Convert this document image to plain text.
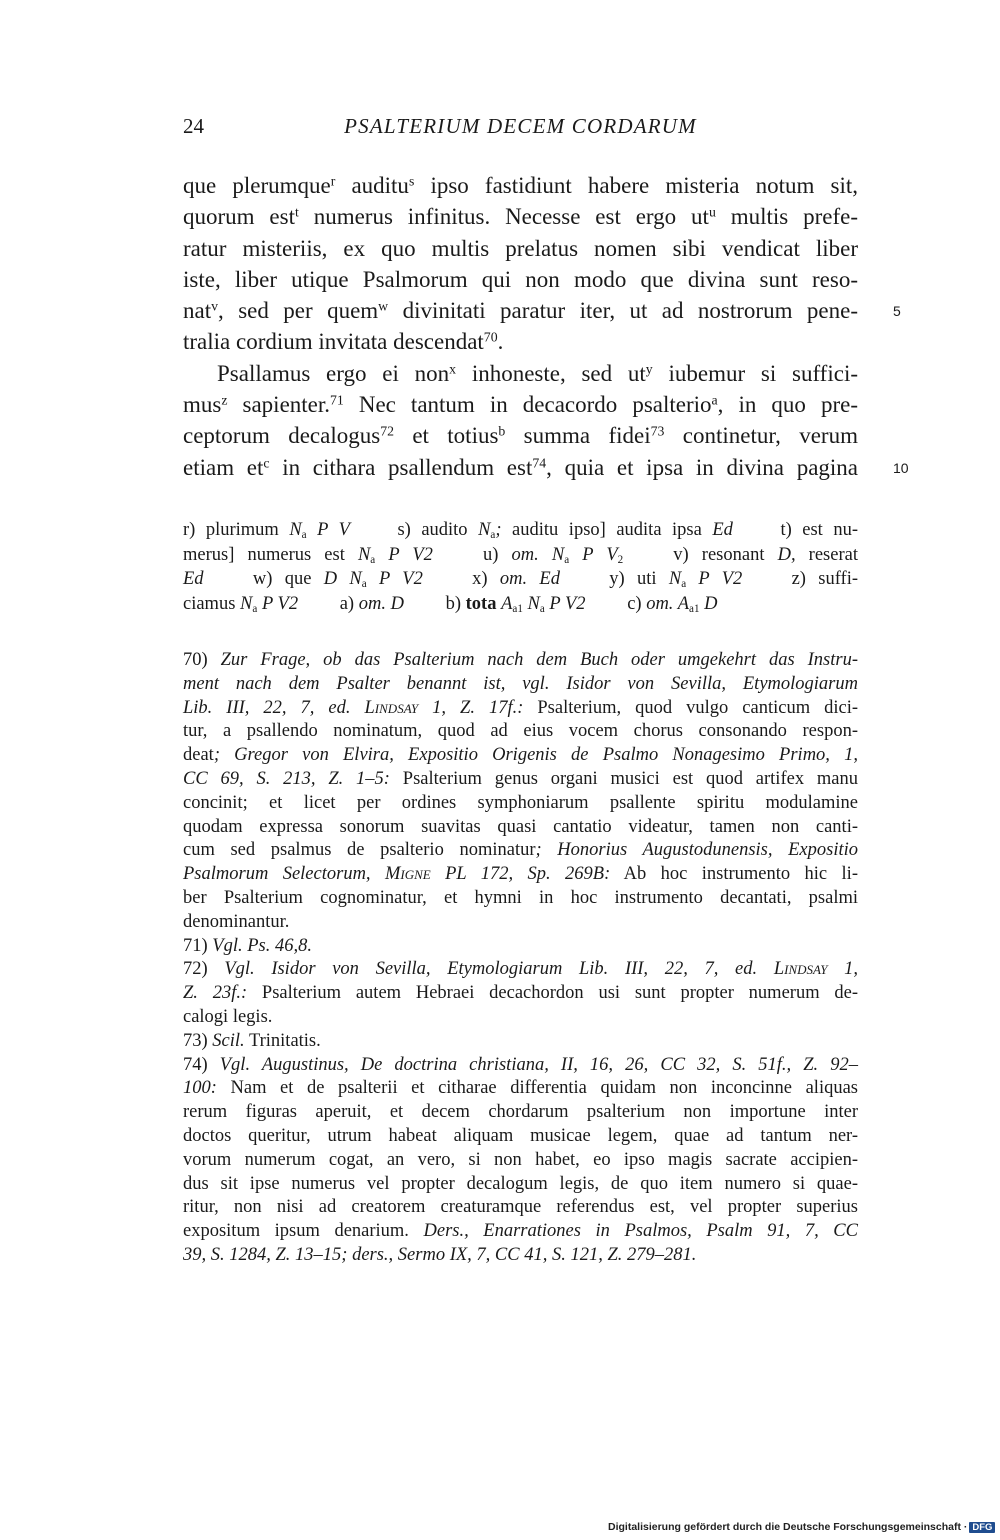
24	PSALTERIUM DECEM CORDARUM
que plerumque$^r$ auditu$^s$ ipso fastidiunt habere misteria notum sit,
quorum est$^t$ numerus infinitus. Necesse est ergo $ut^u$ multis prefe-
ratur misteriis, ex quo multis prelatus nomen sibi vendicat liber
iste, liber utique Psalmorum qui non modo que divina sunt reso-
nat$^v$, sed per quem$^w$ divinitati paratur iter, ut ad nostrorum pene-
tralia cordium invitata descendat$^{70}$.
Psallamus ergo ei non$^x$ inhoneste, sed $ut^y$ iubemur si suffici-
mus$^z$ sapienter.$^{71}$ Nec tantum in decacordo psalterio$^a$, in quo pre-
ceptorum decalogus$^{72}$ et totius$^b$ summa fidei$^{73}$ continetur, verum
etiam $et^c$ in cithara psallendum est$^{74}$, quia et ipsa in divina pagina
5
10
r) plurimum $N_a$ P V   s) audito $N_a$; auditu ipso] audita ipsa Ed   t) est nu-
merus] numerus est $N_a$ P V2   u) om. $N_a$ P $V_2$   v) resonant D, reserat
Ed   w) que D $N_a$ P V2   x) om. Ed   y) uti $N_a$ P V2   z) suffi-
ciamus $N_a$ P V2   a) om. D   b) tota $A_{a1}$ $N_a$ P V2   c) om. $A_{a1}$ D
70) Zur Frage, ob das Psalterium nach dem Buch oder umgekehrt das Instru-
ment nach dem Psalter benannt ist, vgl. Isidor von Sevilla, Etymologiarum
Lib. III, 22, 7, ed. Lindsay 1, Z. 17f.: Psalterium, quod vulgo canticum dici-
tur, a psallendo nominatum, quod ad eius vocem chorus consonando respon-
deat; Gregor von Elvira, Expositio Origenis de Psalmo Nonagesimo Primo, 1,
CC 69, S. 213, Z. 1–5: Psalterium genus organi musici est quod artifex manu
concinit; et licet per ordines symphoniarum psallente spiritu modulamine
quodam expressa sonorum suavitas quasi cantatio videatur, tamen non canti-
cum sed psalmus de psalterio nominatur; Honorius Augustodunensis, Expositio
Psalmorum Selectorum, Migne PL 172, Sp. 269B: Ab hoc instrumento hic li-
ber Psalterium cognominatur, et hymni in hoc instrumento decantati, psalmi
denominantur.
71) Vgl. Ps. 46,8.
72) Vgl. Isidor von Sevilla, Etymologiarum Lib. III, 22, 7, ed. Lindsay 1,
Z. 23f.: Psalterium autem Hebraei decachordon usi sunt propter numerum de-
calogi legis.
73) Scil. Trinitatis.
74) Vgl. Augustinus, De doctrina christiana, II, 16, 26, CC 32, S. 51f., Z. 92–
100: Nam et de psalterii et citharae differentia quidam non inconcinne aliquas
rerum figuras aperuit, et decem chordarum psalterium non importune inter
doctos queritur, utrum habeat aliquam musicae legem, quae ad tantum ner-
vorum numerum cogat, an vero, si non habet, eo ipso magis sacrate accipien-
dus sit ipse numerus vel propter decalogum legis, de quo item numero si quae-
ritur, non nisi ad creatorem creaturamque referendus est, vel propter superius
expositum ipsum denarium. Ders., Enarrationes in Psalmos, Psalm 91, 7, CC
39, S. 1284, Z. 13–15; ders., Sermo IX, 7, CC 41, S. 121, Z. 279–281.
Digitalisierung gefördert durch die Deutsche Forschungsgemeinschaft · DFG
